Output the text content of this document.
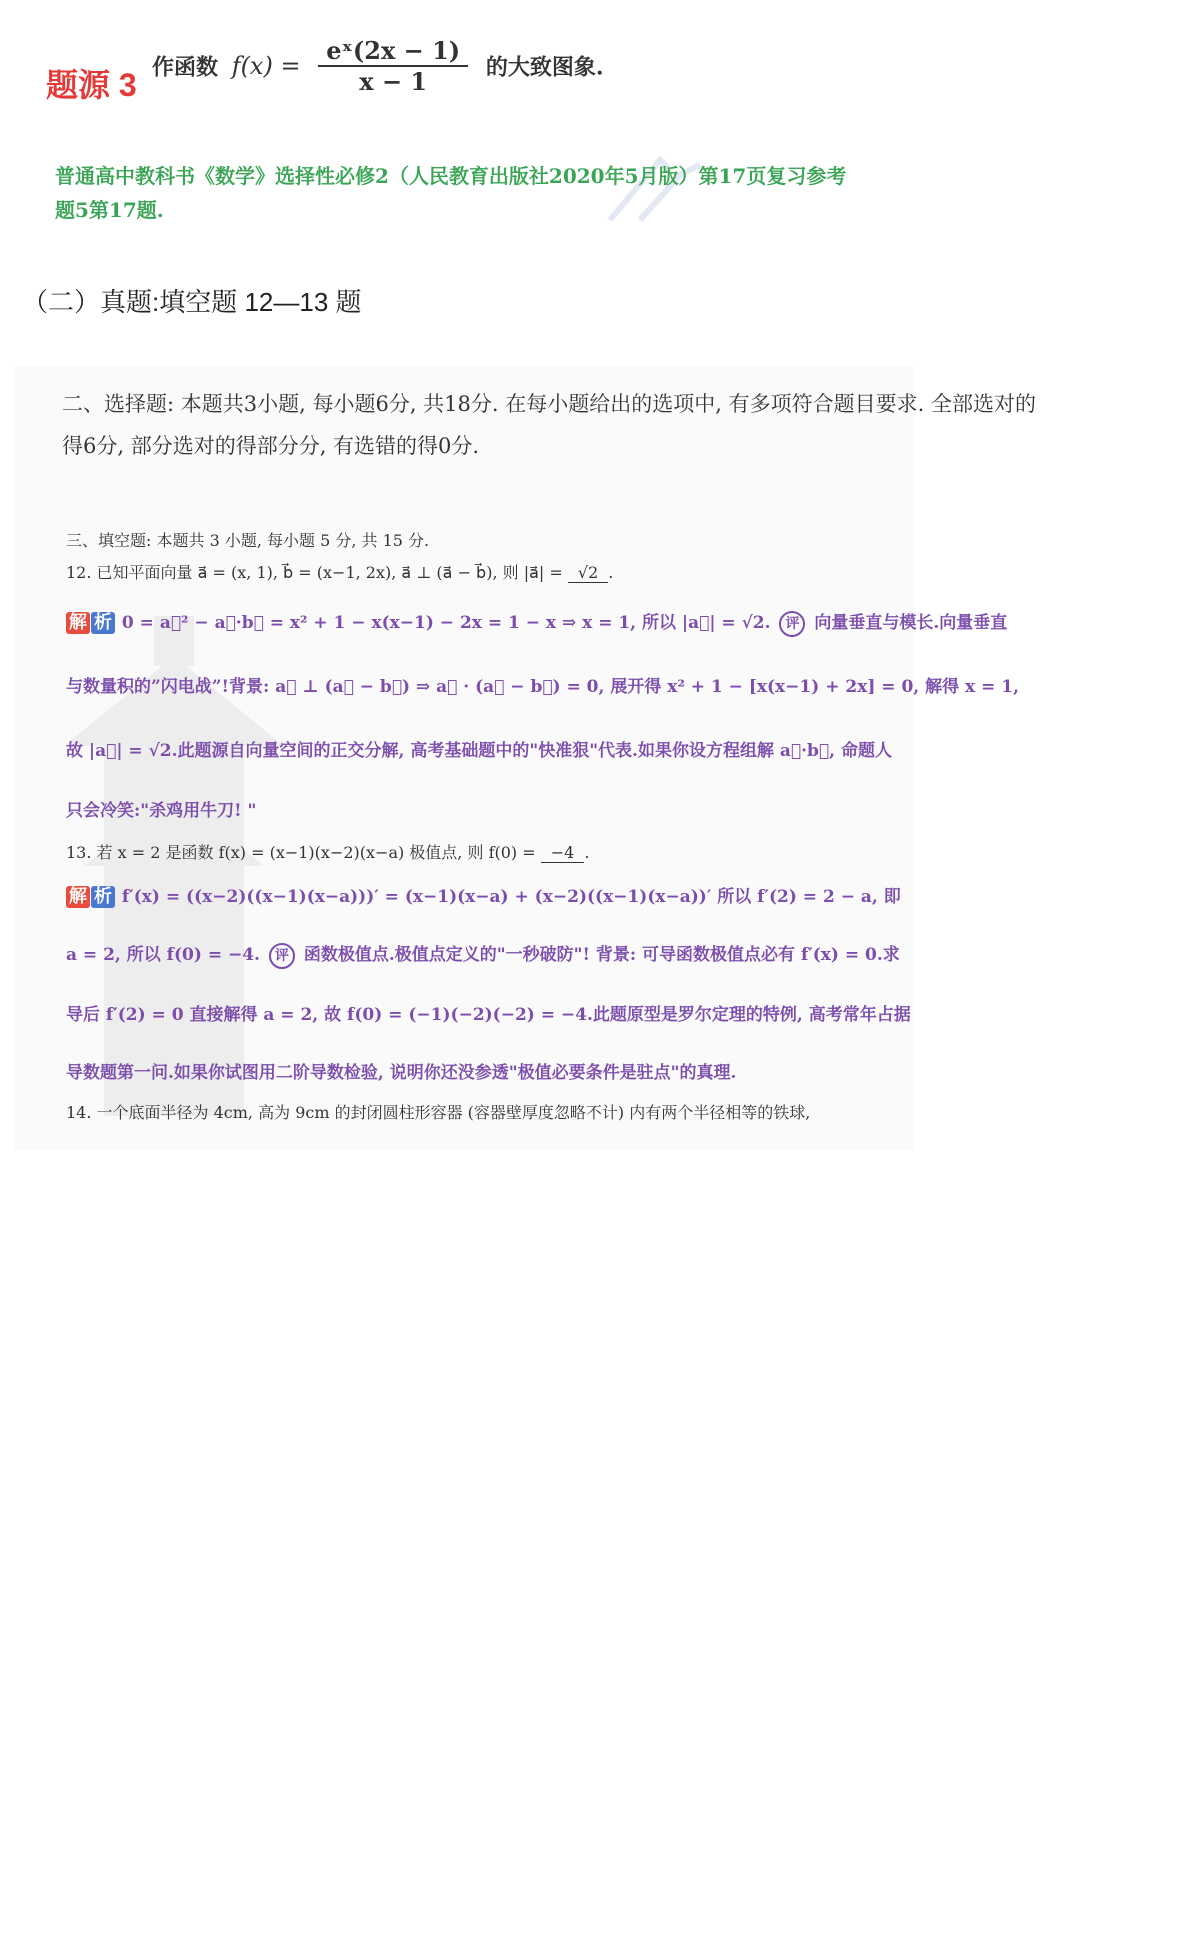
题源 3 作函数 $f(x) = \frac{\text{eˣ(2x − 1)}}{x - 1}$ 的大致图象.
普通高中教科书《数学》选择性必修2（人民教育出版社2020年5月版）第17页复习参考
题5第17题.
（二）真题:填空题 12—13 题
二、选择题: 本题共3小题, 每小题6分, 共18分. 在每小题给出的选项中, 有多项符合题目要求. 全部选对的
得6分, 部分选对的得部分分, 有选错的得0分.
三、填空题: 本题共 3 小题, 每小题 5 分, 共 15 分.
12. 已知平面向量 a⃗ = (x, 1), b⃗ = (x−1, 2x), a⃗ ⊥ (a⃗ − b⃗), 则 |a⃗| = √2 .
解 析 0 = a⃗² − a⃗·b⃗ = x² + 1 − x(x−1) − 2x = 1 − x ⇒ x = 1, 所以 |a⃗| = √2. 评 向量垂直与模长.向量垂直
与数量积的”闪电战”!背景: a⃗ ⊥ (a⃗ − b⃗) ⇒ a⃗ · (a⃗ − b⃗) = 0, 展开得 x² + 1 − [x(x−1) + 2x] = 0, 解得 x = 1,
故 |a⃗| = √2.此题源自向量空间的正交分解, 高考基础题中的"快准狠"代表.如果你设方程组解 a⃗·b⃗, 命题人
只会冷笑:"杀鸡用牛刀! "
13. 若 x = 2 是函数 f(x) = (x−1)(x−2)(x−a) 极值点, 则 f(0) = −4 .
解 析 f′(x) = ((x−2)((x−1)(x−a)))′ = (x−1)(x−a) + (x−2)((x−1)(x−a))′ 所以 f′(2) = 2 − a, 即
a = 2, 所以 f(0) = −4. 评 函数极值点.极值点定义的"一秒破防"! 背景: 可导函数极值点必有 f′(x) = 0.求
导后 f′(2) = 0 直接解得 a = 2, 故 f(0) = (−1)(−2)(−2) = −4.此题原型是罗尔定理的特例, 高考常年占据
导数题第一问.如果你试图用二阶导数检验, 说明你还没参透"极值必要条件是驻点"的真理.
14. 一个底面半径为 4cm, 高为 9cm 的封闭圆柱形容器 (容器壁厚度忽略不计) 内有两个半径相等的铁球,
